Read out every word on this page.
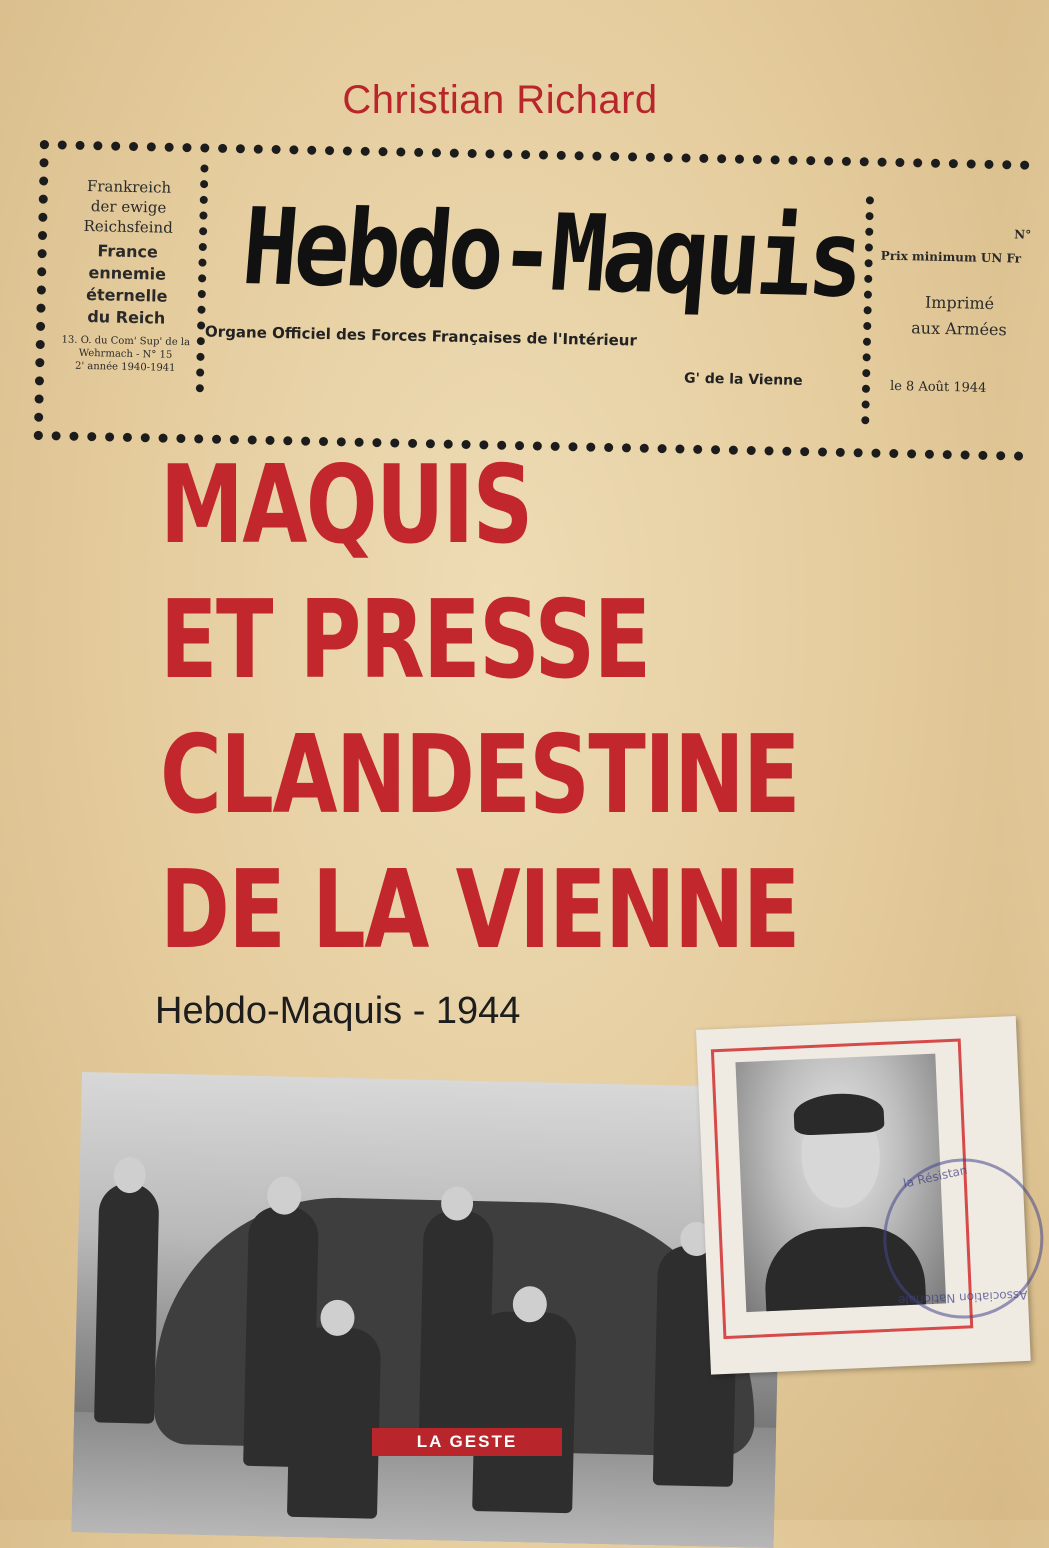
Christian Richard
Frankreich
der ewige
Reichsfeind
France
ennemie
éternelle
du Reich
13. O. du Com' Sup' de la
Wehrmach - N° 15
2' année 1940-1941
Hebdo-Maquis
Organe Officiel des Forces Françaises de l'Intérieur
G' de la Vienne
N°
Prix minimum UN Fr
Imprimé
aux Armées
le 8 Août 1944
MAQUIS
ET PRESSE
CLANDESTINE
DE LA VIENNE
Hebdo-Maquis - 1944
la Résistan
Association Nationale
LA GESTE
